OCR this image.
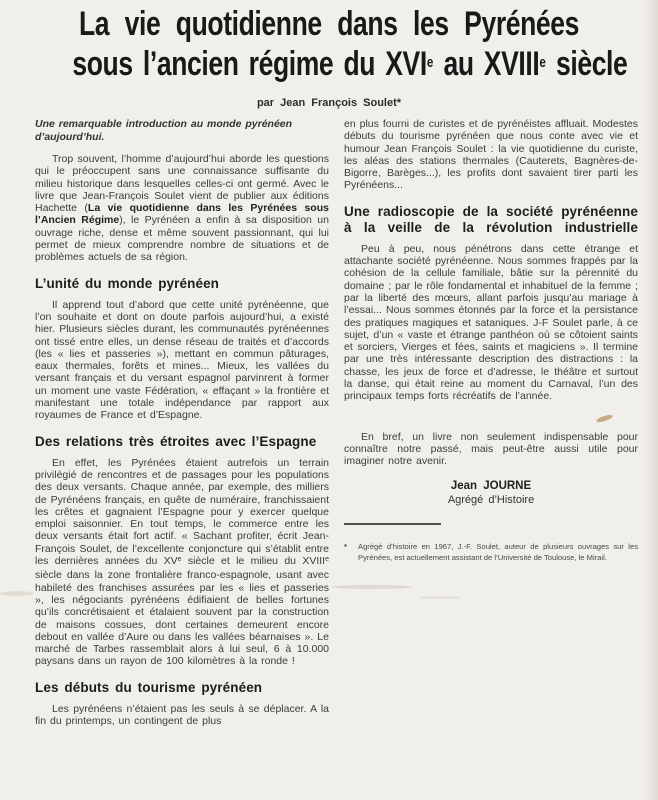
La vie quotidienne dans les Pyrénées
sous l’ancien régime du XVIe au XVIIIe siècle
par Jean François Soulet*

Une remarquable introduction au monde pyrénéen d’aujourd’hui.

Trop souvent, l’homme d’aujourd’hui aborde les questions qui le préoccupent sans une connaissance suffisante du milieu historique dans lesquelles celles-ci ont germé. Avec le livre que Jean-François Soulet vient de publier aux éditions Hachette (La vie quotidienne dans les Pyrénées sous l’Ancien Régime), le Pyrénéen a enfin à sa disposition un ouvrage riche, dense et même souvent passionnant, qui lui permet de mieux comprendre nombre de situations et de problèmes actuels de sa région.

L’unité du monde pyrénéen

Il apprend tout d’abord que cette unité pyrénéenne, que l’on souhaite et dont on doute parfois aujourd’hui, a existé hier. Plusieurs siècles durant, les communautés pyrénéennes ont tissé entre elles, un dense réseau de traités et d’accords (les « lies et passeries »), mettant en commun pâturages, eaux thermales, forêts et mines... Mieux, les vallées du versant français et du versant espagnol parvinrent à former un moment une vaste Fédération, « effaçant » la frontière et manifestant une totale indépendance par rapport aux royaumes de France et d’Espagne.

Des relations très étroites avec l’Espagne

En effet, les Pyrénées étaient autrefois un terrain privilégié de rencontres et de passages pour les populations des deux versants. Chaque année, par exemple, des milliers de Pyrénéens français, en quête de numéraire, franchissaient les crêtes et gagnaient l’Espagne pour y exercer quelque emploi saisonnier. En tout temps, le commerce entre les deux versants était fort actif. « Sachant profiter, écrit Jean-François Soulet, de l’excellente conjoncture qui s’établit entre les dernières années du XVe siècle et le milieu du XVIIIe siècle dans la zone frontalière franco-espagnole, usant avec habileté des franchises assurées par les « lies et passeries », les négociants pyrénéens édifiaient de belles fortunes qu’ils concrétisaient et étalaient souvent par la construction de maisons cossues, dont certaines demeurent encore debout en vallée d’Aure ou dans les vallées béarnaises ». Le marché de Tarbes rassemblait alors à lui seul, 6 à 10.000 paysans dans un rayon de 100 kilomètres à la ronde !

Les débuts du tourisme pyrénéen

Les pyrénéens n’étaient pas les seuls à se déplacer. A la fin du printemps, un contingent de plus

en plus fourni de curistes et de pyrénéistes affluait. Modestes débuts du tourisme pyrénéen que nous conte avec vie et humour Jean François Soulet : la vie quotidienne du curiste, les aléas des stations thermales (Cauterets, Bagnères-de-Bigorre, Barèges...), les profits dont savaient tirer parti les Pyrénéens...

Une radioscopie de la société pyrénéenne à la veille de la révolution industrielle

Peu à peu, nous pénétrons dans cette étrange et attachante société pyrénéenne. Nous sommes frappés par la cohésion de la cellule familiale, bâtie sur la pérennité du domaine ; par le rôle fondamental et inhabituel de la femme ; par la liberté des mœurs, allant parfois jusqu’au mariage à l’essai... Nous sommes étonnés par la force et la persistance des pratiques magiques et sataniques. J-F Soulet parle, à ce sujet, d’un « vaste et étrange panthéon où se côtoient saints et sorciers, Vierges et fées, saints et magiciens ». Il termine par une très intéressante description des distractions : la chasse, les jeux de force et d’adresse, le théâtre et surtout la danse, qui était reine au moment du Carnaval, l’un des principaux temps forts récréatifs de l’année.

En bref, un livre non seulement indispensable pour connaître notre passé, mais peut-être aussi utile pour imaginer notre avenir.

Jean JOURNE
Agrégé d’Histoire
*	Agrégé d’histoire en 1967, J.-F. Soulet, auteur de plusieurs ouvrages sur les Pyrénées, est actuellement assistant de l’Université de Toulouse, le Mirail.
